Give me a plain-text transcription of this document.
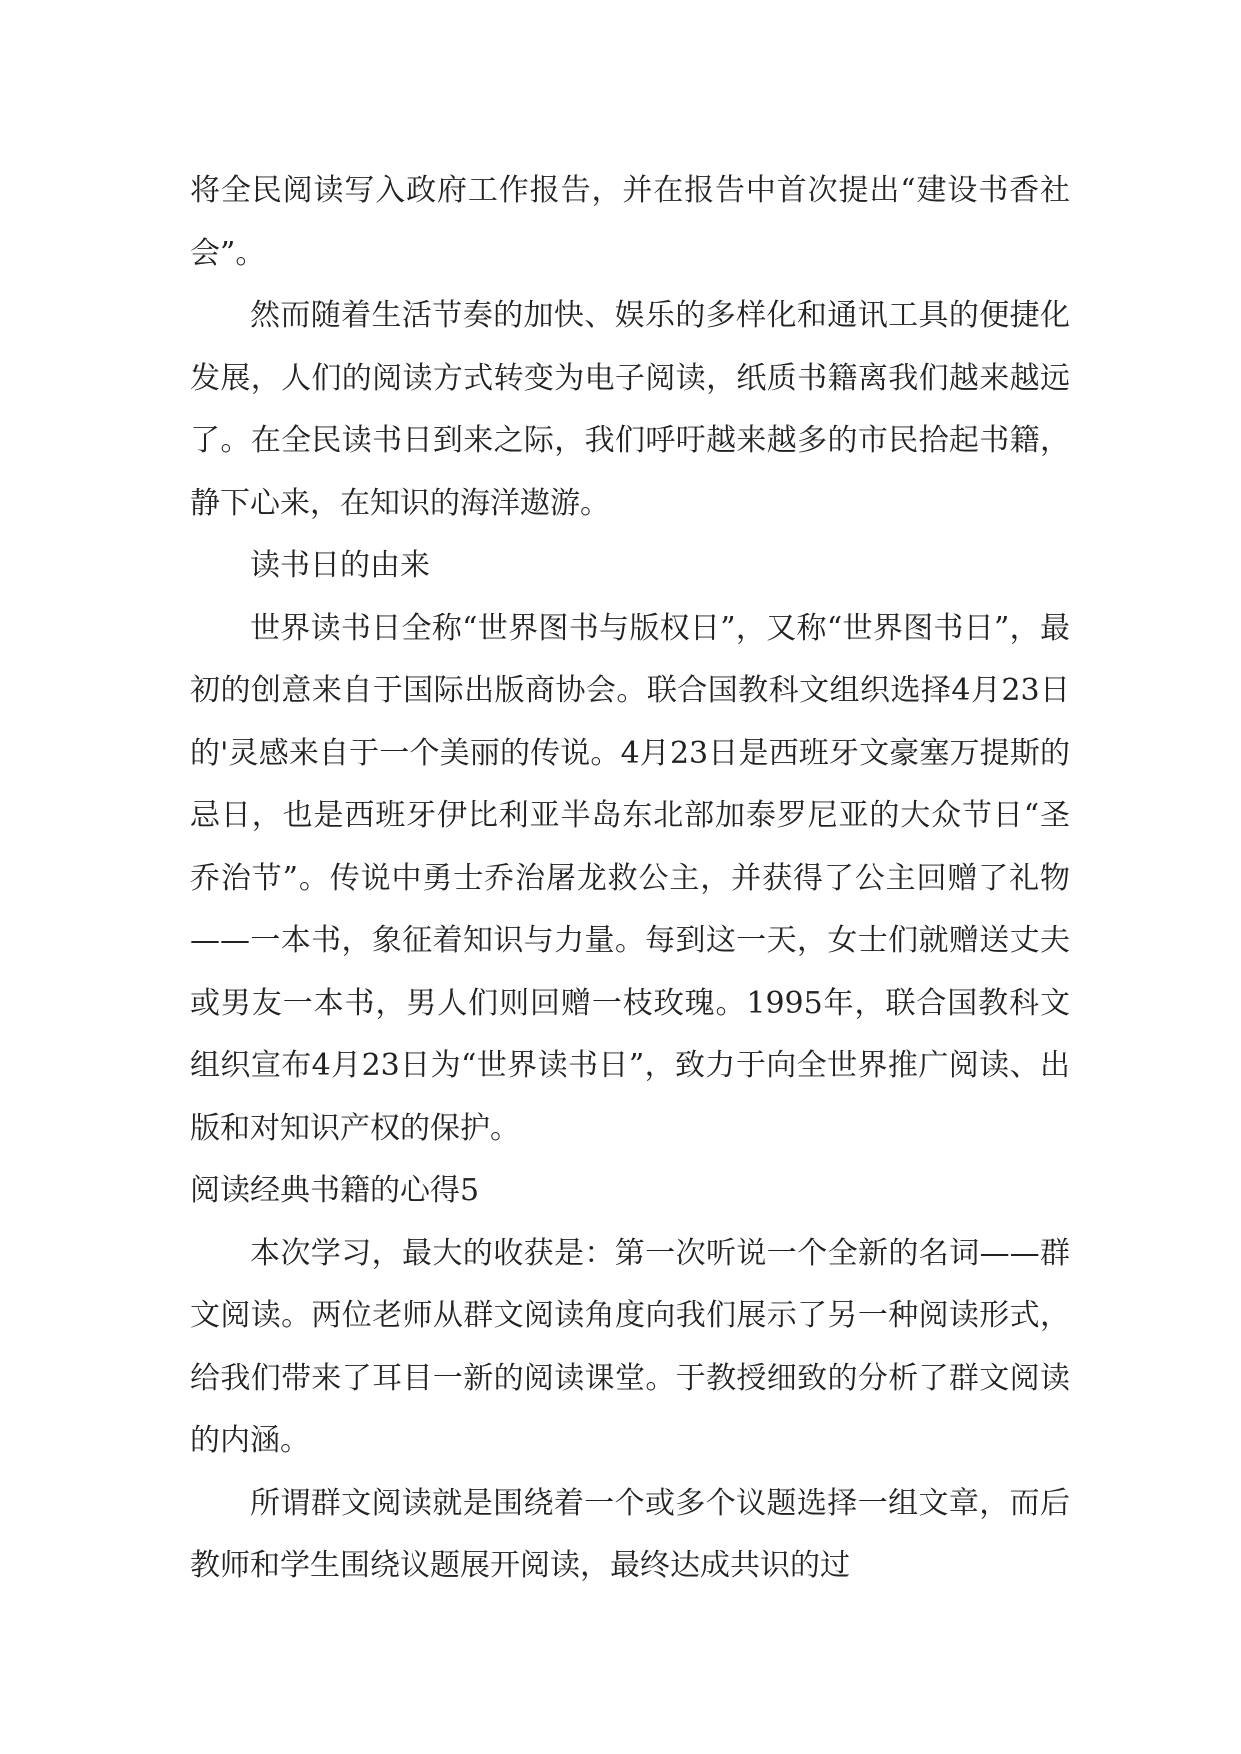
将全民阅读写入政府工作报告，并在报告中首次提出“建设书香社会”。

然而随着生活节奏的加快、娱乐的多样化和通讯工具的便捷化发展，人们的阅读方式转变为电子阅读，纸质书籍离我们越来越远了。在全民读书日到来之际，我们呼吁越来越多的市民拾起书籍，静下心来，在知识的海洋遨游。

读书日的由来

世界读书日全称“世界图书与版权日”，又称“世界图书日”，最初的创意来自于国际出版商协会。联合国教科文组织选择4月23日的'灵感来自于一个美丽的传说。4月23日是西班牙文豪塞万提斯的忌日，也是西班牙伊比利亚半岛东北部加泰罗尼亚的大众节日“圣乔治节”。传说中勇士乔治屠龙救公主，并获得了公主回赠了礼物——一本书，象征着知识与力量。每到这一天，女士们就赠送丈夫或男友一本书，男人们则回赠一枝玫瑰。1995年，联合国教科文组织宣布4月23日为“世界读书日”，致力于向全世界推广阅读、出版和对知识产权的保护。

阅读经典书籍的心得5

本次学习，最大的收获是：第一次听说一个全新的名词——群文阅读。两位老师从群文阅读角度向我们展示了另一种阅读形式，给我们带来了耳目一新的阅读课堂。于教授细致的分析了群文阅读的内涵。

所谓群文阅读就是围绕着一个或多个议题选择一组文章，而后教师和学生围绕议题展开阅读，最终达成共识的过
